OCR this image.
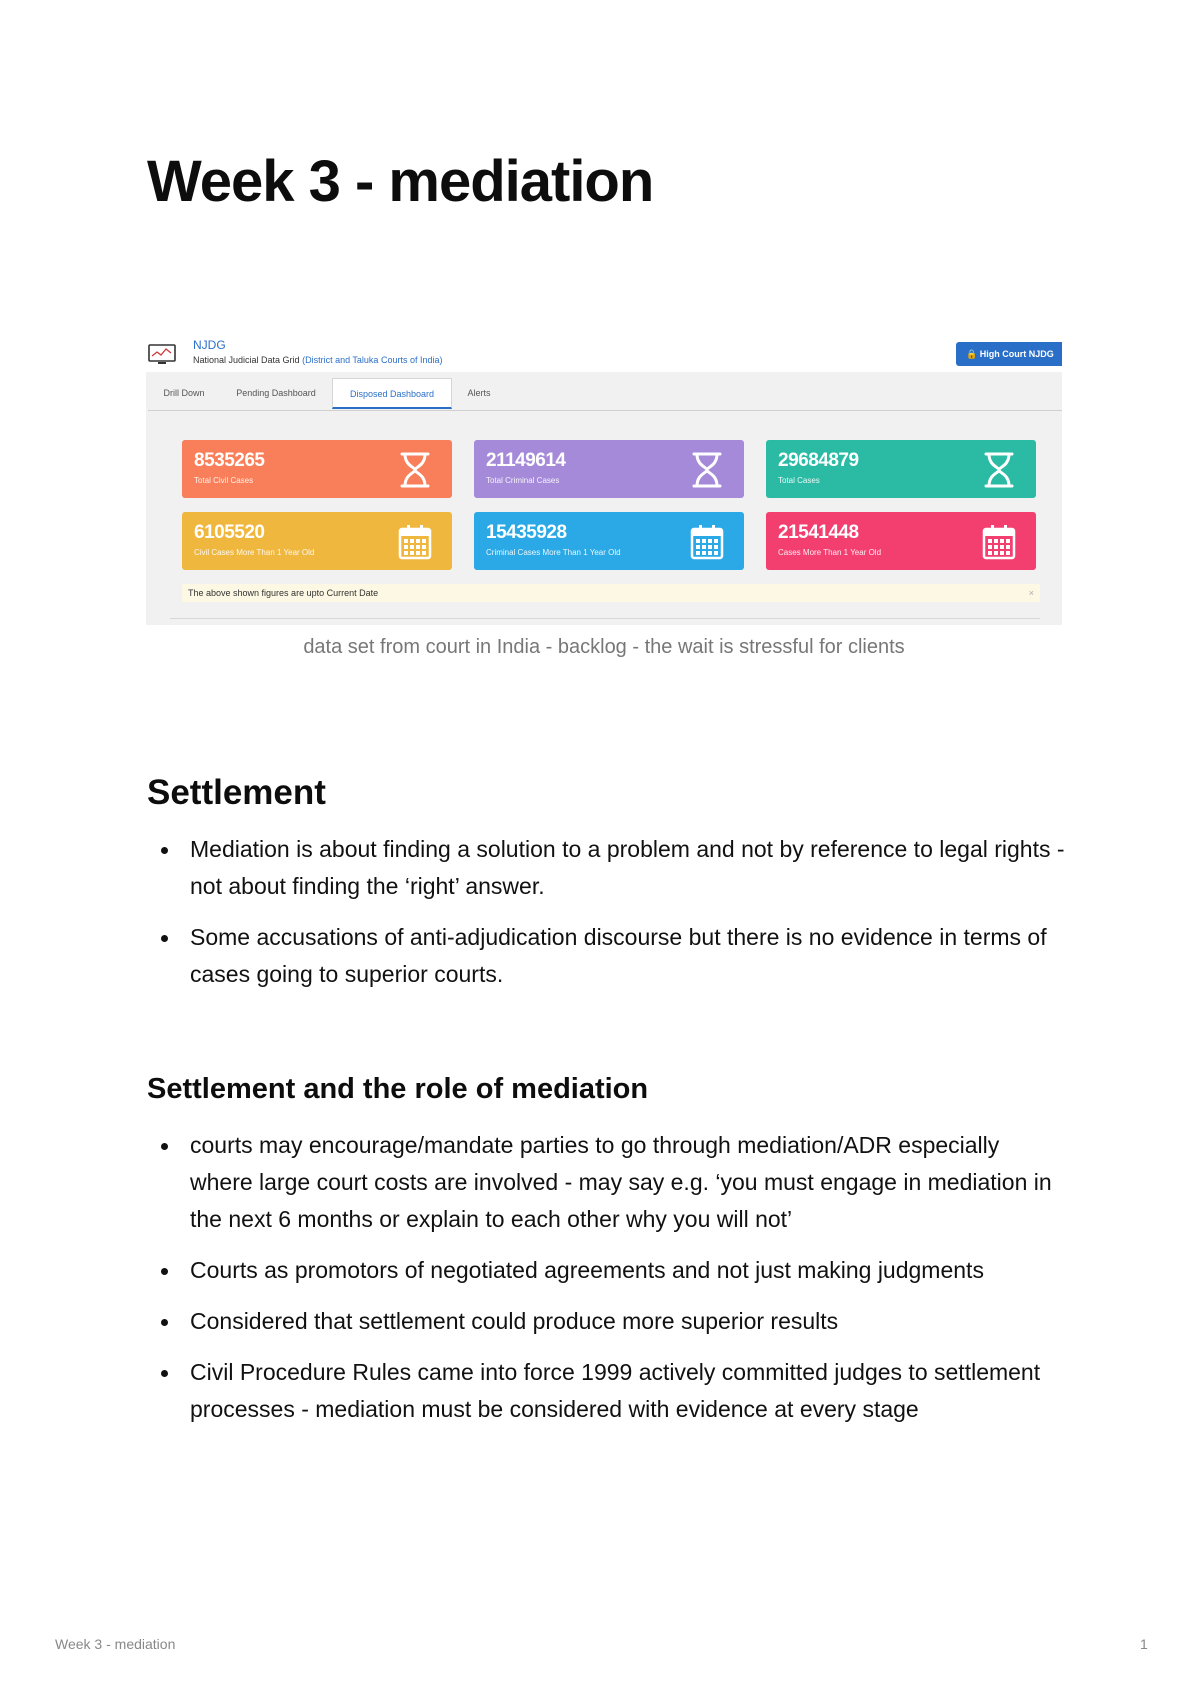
Week 3 - mediation
NJDG
National Judicial Data Grid (District and Taluka Courts of India)
🔒 High Court NJDG
Drill Down	Pending Dashboard	Disposed Dashboard	Alerts
8535265
Total Civil Cases
21149614
Total Criminal Cases
29684879
Total Cases
6105520
Civil Cases More Than 1 Year Old
15435928
Criminal Cases More Than 1 Year Old
21541448
Cases More Than 1 Year Old
The above shown figures are upto Current Date	×

data set from court in India - backlog - the wait is stressful for clients

Settlement
Mediation is about finding a solution to a problem and not by reference to legal rights - not about finding the ‘right’ answer.
Some accusations of anti-adjudication discourse but there is no evidence in terms of cases going to superior courts.
Settlement and the role of mediation
courts may encourage/mandate parties to go through mediation/ADR especially where large court costs are involved - may say e.g. ‘you must engage in mediation in the next 6 months or explain to each other why you will not’
Courts as promotors of negotiated agreements and not just making judgments
Considered that settlement could produce more superior results
Civil Procedure Rules came into force 1999 actively committed judges to settlement processes - mediation must be considered with evidence at every stage
Week 3 - mediation	1
